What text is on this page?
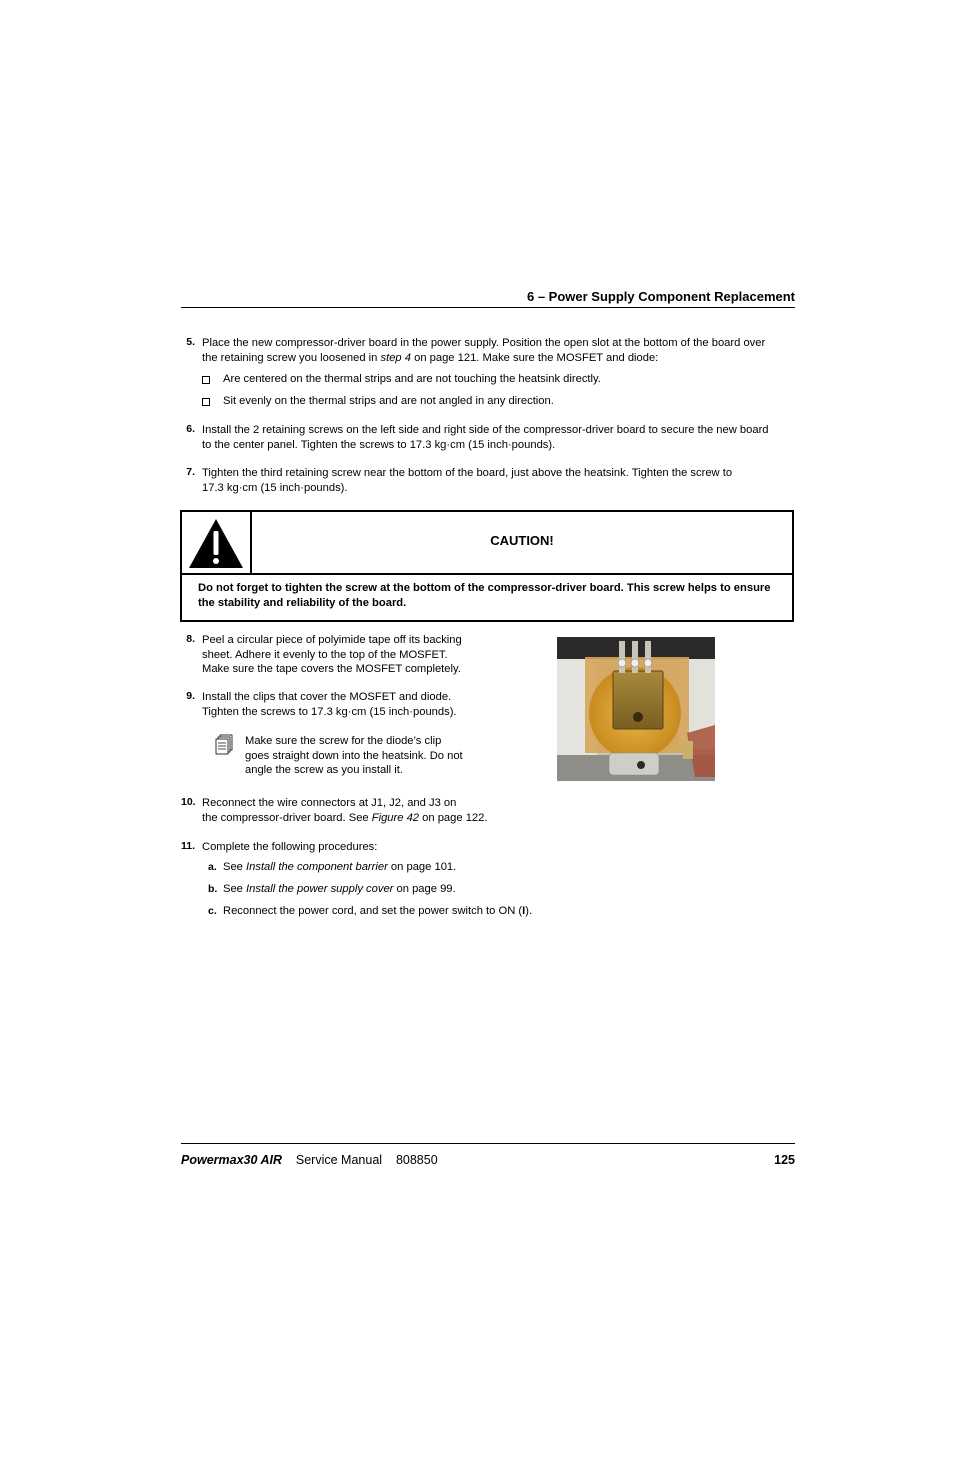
6 – Power Supply Component Replacement
5. Place the new compressor-driver board in the power supply. Position the open slot at the bottom of the board over
the retaining screw you loosened in step 4 on page 121. Make sure the MOSFET and diode:
Are centered on the thermal strips and are not touching the heatsink directly.
Sit evenly on the thermal strips and are not angled in any direction.
6. Install the 2 retaining screws on the left side and right side of the compressor-driver board to secure the new board
to the center panel. Tighten the screws to 17.3 kg·cm (15 inch·pounds).
7. Tighten the third retaining screw near the bottom of the board, just above the heatsink. Tighten the screw to
17.3 kg·cm (15 inch·pounds).
CAUTION!
Do not forget to tighten the screw at the bottom of the compressor-driver board. This screw helps to ensure the stability and reliability of the board.
8. Peel a circular piece of polyimide tape off its backing
sheet. Adhere it evenly to the top of the MOSFET.
Make sure the tape covers the MOSFET completely.
9. Install the clips that cover the MOSFET and diode.
Tighten the screws to 17.3 kg·cm (15 inch·pounds).
Make sure the screw for the diode’s clip
goes straight down into the heatsink. Do not
angle the screw as you install it.
10. Reconnect the wire connectors at J1, J2, and J3 on
the compressor-driver board. See Figure 42 on page 122.
11. Complete the following procedures:
a. See Install the component barrier on page 101.
b. See Install the power supply cover on page 99.
c. Reconnect the power cord, and set the power switch to ON (I).
Powermax30 AIR Service Manual 808850	125
